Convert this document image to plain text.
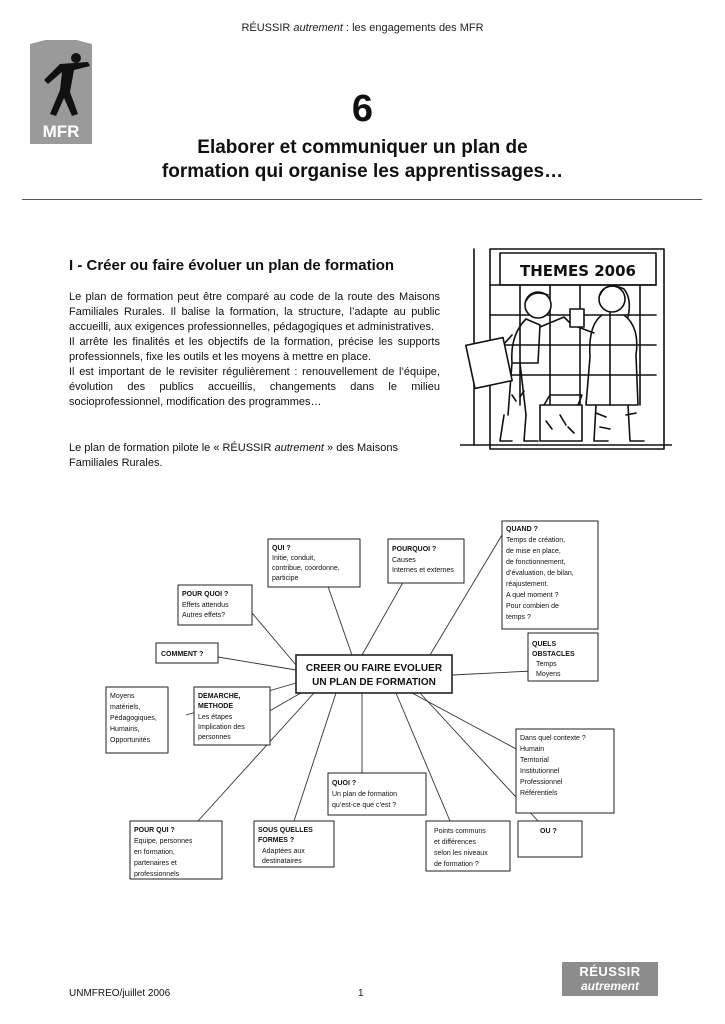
RÉUSSIR autrement : les engagements des MFR
MFR
6
Elaborer et communiquer un plan de
formation qui organise les apprentissages…
I - Créer ou faire évoluer un plan de formation

Le plan de formation peut être comparé au code de la route des Maisons Familiales Rurales. Il balise la formation, la structure, l’adapte au public accueilli, aux exigences professionnelles, pédagogiques et administratives.

Il arrête les finalités et les objectifs de la formation, précise les supports professionnels, fixe les outils et les moyens à mettre en place.

Il est important de le revisiter régulièrement : renouvellement de l’équipe, évolution des publics accueillis, changements dans le milieu socioprofessionnel, modification des programmes…

Le plan de formation pilote le « RÉUSSIR autrement » des Maisons Familiales Rurales.

THEMES 2006
CREER OU FAIRE EVOLUER
UN PLAN DE FORMATION
QUI ?
Initie, conduit,
contribue, coordonne,
participe
POURQUOI ?
Causes
Internes et externes
QUAND ?
Temps de création,
de mise en place,
de fonctionnement,
d’évaluation, de bilan,
réajustement.
A quel moment ?
Pour combien de
temps ?
POUR QUOI ?
Effets attendus
Autres effets?
COMMENT ?
QUELS
OBSTACLES
Temps
Moyens
Moyens
matériels,
Pédagogiques,
Humains,
Opportunités
DEMARCHE,
METHODE
Les étapes
Implication des
personnes	Dans quel contexte ?
Humain
Territorial
Institutionnel
Professionnel
Référentiels
QUOI ?
Un plan de formation
qu’est-ce que c’est ?
POUR QUI ?
Equipe, personnes
en formation,
partenaires et
professionnels
SOUS QUELLES
FORMES ?
Adaptées aux
destinataires
Points communs
et différences
selon les niveaux
de formation ?
OU ?
UNMFREO/juillet 2006	1
RÉUSSIR
autrement
